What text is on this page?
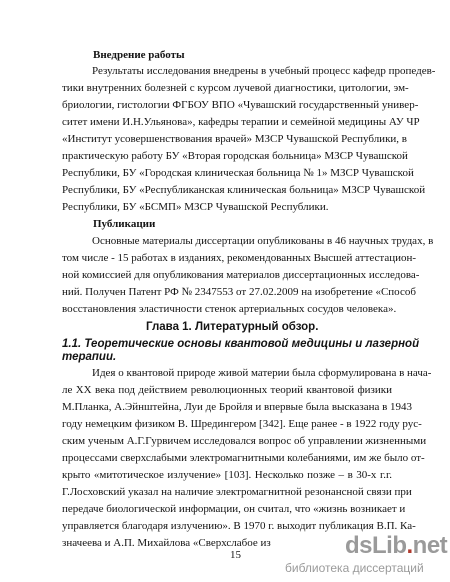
Внедрение работы

Результаты исследования внедрены в учебный процесс кафедр пропедев-

тики внутренних болезней с курсом лучевой диагностики, цитологии, эм-

бриологии, гистологии ФГБОУ ВПО «Чувашский государственный универ-

ситет имени И.Н.Ульянова», кафедры терапии и семейной медицины АУ ЧР

«Институт усовершенствования врачей» МЗСР Чувашской Республики, в

практическую работу БУ «Вторая городская больница» МЗСР Чувашской

Республики, БУ «Городская клиническая больница № 1» МЗСР Чувашской

Республики, БУ «Республиканская клиническая больница» МЗСР Чувашской

Республики, БУ «БСМП» МЗСР Чувашской Республики.

Публикации

Основные материалы диссертации опубликованы в 46 научных трудах, в

том числе - 15 работах в изданиях, рекомендованных Высшей аттестацион-

ной комиссией для опубликования материалов диссертационных исследова-

ний. Получен Патент РФ № 2347553 от 27.02.2009 на изобретение «Способ

восстановления эластичности стенок артериальных сосудов человека».

Глава 1. Литературный обзор.

1.1. Теоретические основы квантовой медицины и лазерной

терапии.

Идея о квантовой природе живой материи была сформулирована в нача-

ле XX века под действием революционных теорий квантовой физики

М.Планка, А.Эйнштейна, Луи де Бройля и впервые была высказана в 1943

году немецким физиком В. Шредингером [342]. Еще ранее - в 1922 году рус-

ским ученым А.Г.Гурвичем исследовался вопрос об управлении жизненными

процессами сверхслабыми электромагнитными колебаниями, им же было от-

крыто «митотическое излучение» [103]. Несколько позже – в 30-х г.г.

Г.Лосховский указал на наличие электромагнитной резонансной связи при

передаче биологической информации, он считал, что «жизнь возникает и

управляется благодаря излучению». В 1970 г. выходит публикация В.П. Ка-

значеева и А.П. Михайлова «Сверхслабое из

15	dsLib.net
библиотека диссертаций
